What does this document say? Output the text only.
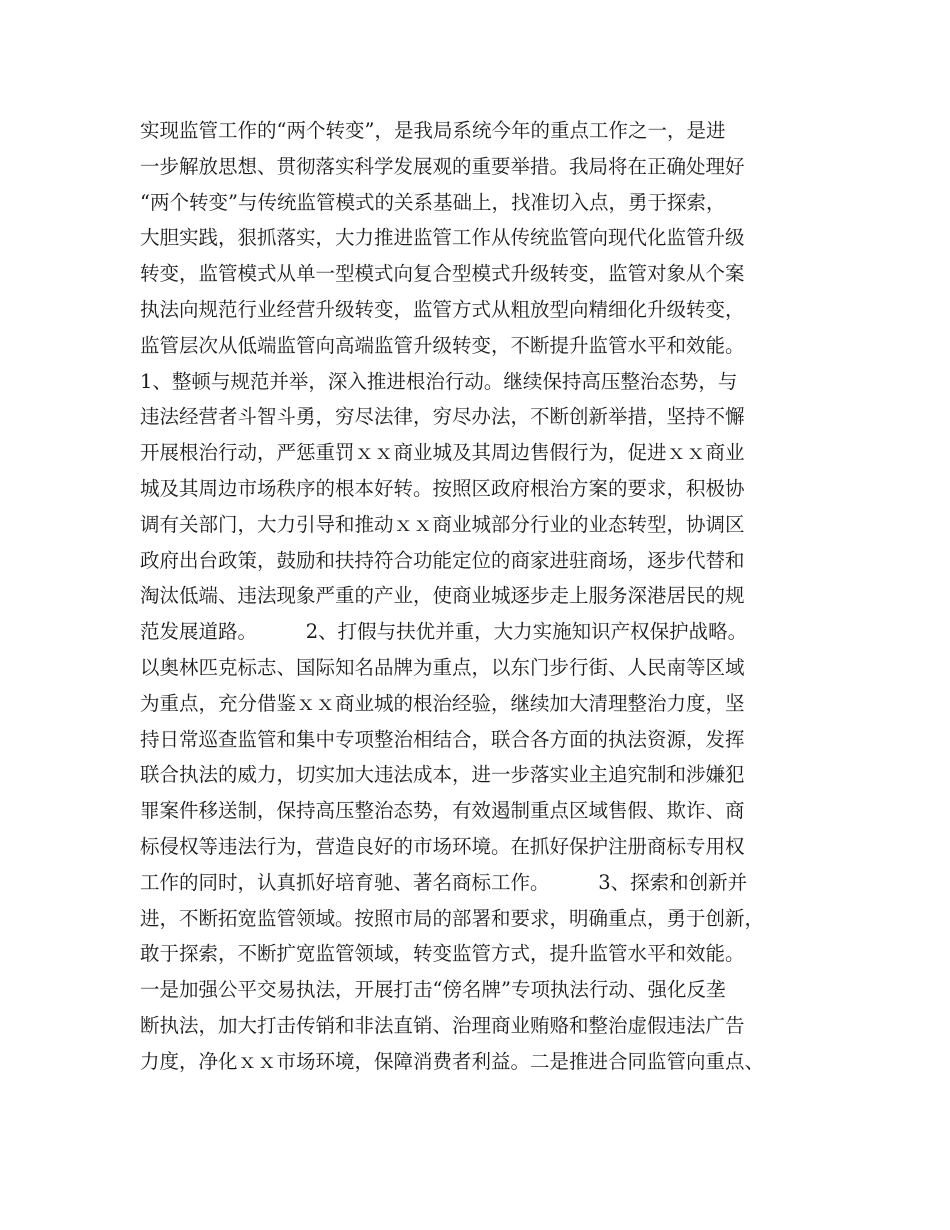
实现监管工作的“两个转变”，是我局系统今年的重点工作之一，是进
一步解放思想、贯彻落实科学发展观的重要举措。我局将在正确处理好
“两个转变”与传统监管模式的关系基础上，找准切入点，勇于探索，
大胆实践，狠抓落实，大力推进监管工作从传统监管向现代化监管升级
转变，监管模式从单一型模式向复合型模式升级转变，监管对象从个案
执法向规范行业经营升级转变，监管方式从粗放型向精细化升级转变，
监管层次从低端监管向高端监管升级转变，不断提升监管水平和效能。
1、整顿与规范并举，深入推进根治行动。继续保持高压整治态势，与
违法经营者斗智斗勇，穷尽法律，穷尽办法，不断创新举措，坚持不懈
开展根治行动，严惩重罚ｘｘ商业城及其周边售假行为，促进ｘｘ商业
城及其周边市场秩序的根本好转。按照区政府根治方案的要求，积极协
调有关部门，大力引导和推动ｘｘ商业城部分行业的业态转型，协调区
政府出台政策，鼓励和扶持符合功能定位的商家进驻商场，逐步代替和
淘汰低端、违法现象严重的产业，使商业城逐步走上服务深港居民的规
范发展道路。　　　2、打假与扶优并重，大力实施知识产权保护战略。
以奥林匹克标志、国际知名品牌为重点，以东门步行街、人民南等区域
为重点，充分借鉴ｘｘ商业城的根治经验，继续加大清理整治力度，坚
持日常巡查监管和集中专项整治相结合，联合各方面的执法资源，发挥
联合执法的威力，切实加大违法成本，进一步落实业主追究制和涉嫌犯
罪案件移送制，保持高压整治态势，有效遏制重点区域售假、欺诈、商
标侵权等违法行为，营造良好的市场环境。在抓好保护注册商标专用权
工作的同时，认真抓好培育驰、著名商标工作。　　　3、探索和创新并
进，不断拓宽监管领域。按照市局的部署和要求，明确重点，勇于创新，
敢于探索，不断扩宽监管领域，转变监管方式，提升监管水平和效能。
一是加强公平交易执法，开展打击“傍名牌”专项执法行动、强化反垄
断执法，加大打击传销和非法直销、治理商业贿赂和整治虚假违法广告
力度，净化ｘｘ市场环境，保障消费者利益。二是推进合同监管向重点、
